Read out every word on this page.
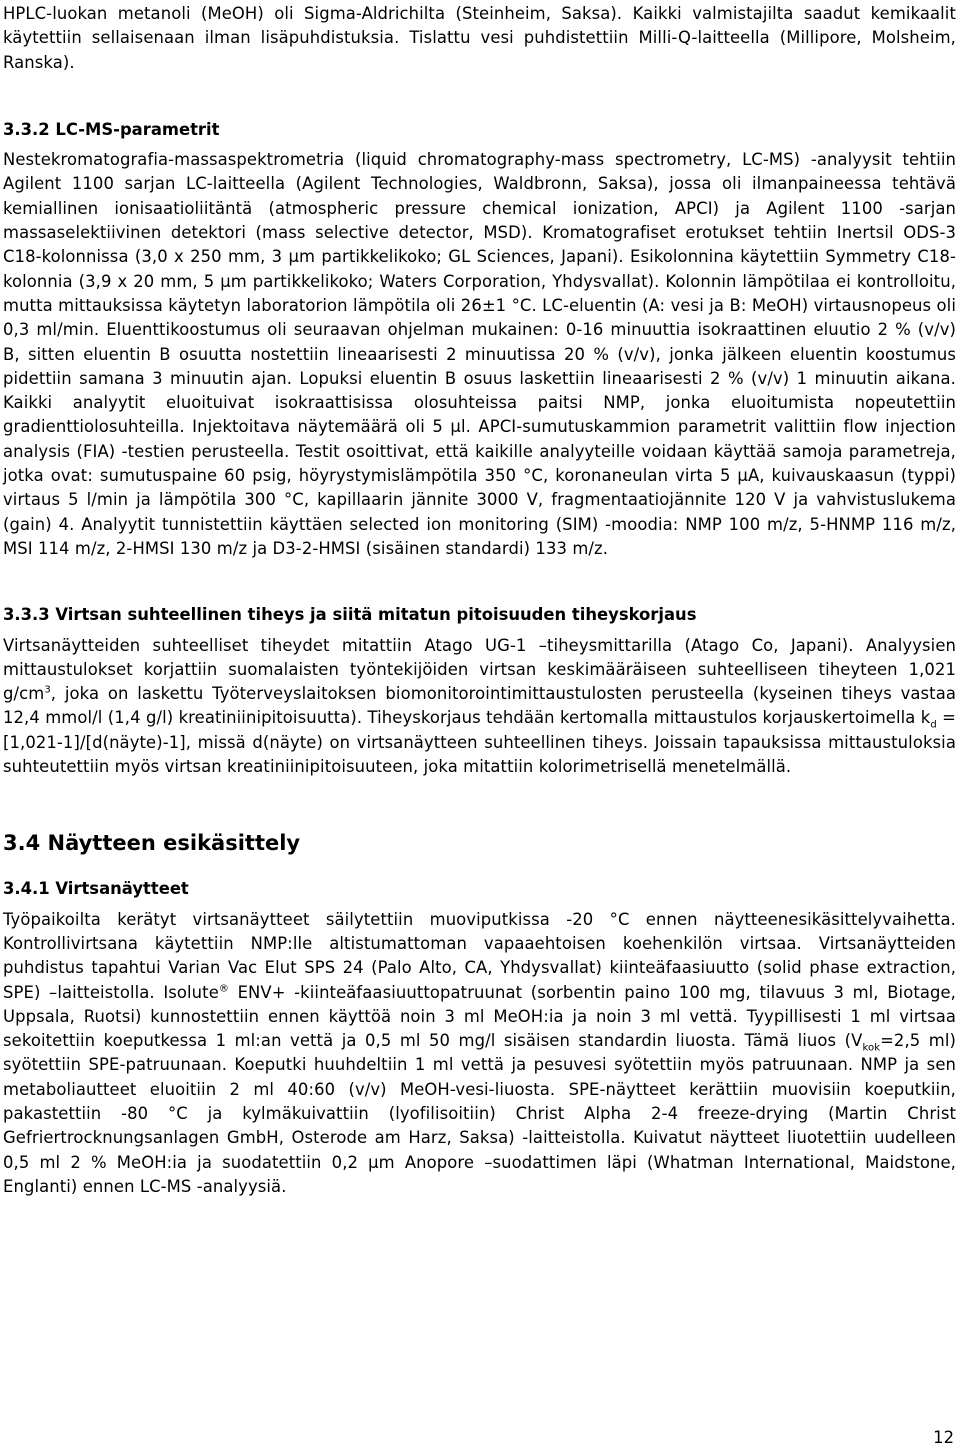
HPLC-luokan metanoli (MeOH) oli Sigma-Aldrichilta (Steinheim, Saksa). Kaikki valmistajilta saadut kemikaalit käytettiin sellaisenaan ilman lisäpuhdistuksia. Tislattu vesi puhdistettiin Milli-Q-laitteella (Millipore, Molsheim, Ranska).

3.3.2 LC-MS-parametrit

Nestekromatografia-massaspektrometria (liquid chromatography-mass spectrometry, LC-MS) -analyysit tehtiin Agilent 1100 sarjan LC-laitteella (Agilent Technologies, Waldbronn, Saksa), jossa oli ilmanpaineessa tehtävä kemiallinen ionisaatioliitäntä (atmospheric pressure chemical ionization, APCI) ja Agilent 1100 -sarjan massaselektiivinen detektori (mass selective detector, MSD). Kromatografiset erotukset tehtiin Inertsil ODS-3 C18-kolonnissa (3,0 x 250 mm, 3 μm partikkelikoko; GL Sciences, Japani). Esikolonnina käytettiin Symmetry C18-kolonnia (3,9 x 20 mm, 5 μm partikkelikoko; Waters Corporation, Yhdysvallat). Kolonnin lämpötilaa ei kontrolloitu, mutta mittauksissa käytetyn laboratorion lämpötila oli 26±1 °C. LC-eluentin (A: vesi ja B: MeOH) virtausnopeus oli 0,3 ml/min. Eluenttikoostumus oli seuraavan ohjelman mukainen: 0-16 minuuttia isokraattinen eluutio 2 % (v/v) B, sitten eluentin B osuutta nostettiin lineaarisesti 2 minuutissa 20 % (v/v), jonka jälkeen eluentin koostumus pidettiin samana 3 minuutin ajan. Lopuksi eluentin B osuus laskettiin lineaarisesti 2 % (v/v) 1 minuutin aikana. Kaikki analyytit eluoituivat isokraattisissa olosuhteissa paitsi NMP, jonka eluoitumista nopeutettiin gradienttiolosuhteilla. Injektoitava näytemäärä oli 5 μl. APCI-sumutuskammion parametrit valittiin flow injection analysis (FIA) -testien perusteella. Testit osoittivat, että kaikille analyyteille voidaan käyttää samoja parametreja, jotka ovat: sumutuspaine 60 psig, höyrystymislämpötila 350 °C, koronaneulan virta 5 μA, kuivauskaasun (typpi) virtaus 5 l/min ja lämpötila 300 °C, kapillaarin jännite 3000 V, fragmentaatiojännite 120 V ja vahvistuslukema (gain) 4. Analyytit tunnistettiin käyttäen selected ion monitoring (SIM) -moodia: NMP 100 m/z, 5-HNMP 116 m/z, MSI 114 m/z, 2-HMSI 130 m/z ja D3-2-HMSI (sisäinen standardi) 133 m/z.

3.3.3 Virtsan suhteellinen tiheys ja siitä mitatun pitoisuuden tiheyskorjaus

Virtsanäytteiden suhteelliset tiheydet mitattiin Atago UG-1 –tiheysmittarilla (Atago Co, Japani). Analyysien mittaustulokset korjattiin suomalaisten työntekijöiden virtsan keskimääräiseen suhteelliseen tiheyteen 1,021 $g/cm^3$, joka on laskettu Työterveyslaitoksen biomonitorointimittaustulosten perusteella (kyseinen tiheys vastaa 12,4 mmol/l (1,4 g/l) kreatiniinipitoisuutta). Tiheyskorjaus tehdään kertomalla mittaustulos korjauskertoimella $k_d$ = [1,021-1]/[d(näyte)-1], missä d(näyte) on virtsanäytteen suhteellinen tiheys. Joissain tapauksissa mittaustuloksia suhteutettiin myös virtsan kreatiniinipitoisuuteen, joka mitattiin kolorimetrisellä menetelmällä.

3.4 Näytteen esikäsittely
3.4.1 Virtsanäytteet

Työpaikoilta kerätyt virtsanäytteet säilytettiin muoviputkissa -20 °C ennen näytteenesikäsittelyvaihetta. Kontrollivirtsana käytettiin NMP:lle altistumattoman vapaaehtoisen koehenkilön virtsaa. Virtsanäytteiden puhdistus tapahtui Varian Vac Elut SPS 24 (Palo Alto, CA, Yhdysvallat) kiinteäfaasiuutto (solid phase extraction, SPE) –laitteistolla. Isolute® ENV+ -kiinteäfaasiuuttopatruunat (sorbentin paino 100 mg, tilavuus 3 ml, Biotage, Uppsala, Ruotsi) kunnostettiin ennen käyttöä noin 3 ml MeOH:ia ja noin 3 ml vettä. Tyypillisesti 1 ml virtsaa sekoitettiin koeputkessa 1 ml:an vettä ja 0,5 ml 50 mg/l sisäisen standardin liuosta. Tämä liuos ($V_{kok}=2,5$ ml) syötettiin SPE-patruunaan. Koeputki huuhdeltiin 1 ml vettä ja pesuvesi syötettiin myös patruunaan. NMP ja sen metaboliautteet eluoitiin 2 ml 40:60 (v/v) MeOH-vesi-liuosta. SPE-näytteet kerättiin muovisiin koeputkiin, pakastettiin -80 °C ja kylmäkuivattiin (lyofilisoitiin) Christ Alpha 2-4 freeze-drying (Martin Christ Gefriertrocknungsanlagen GmbH, Osterode am Harz, Saksa) -laitteistolla. Kuivatut näytteet liuotettiin uudelleen 0,5 ml 2 % MeOH:ia ja suodatettiin 0,2 μm Anopore –suodattimen läpi (Whatman International, Maidstone, Englanti) ennen LC-MS -analyysiä.

12
